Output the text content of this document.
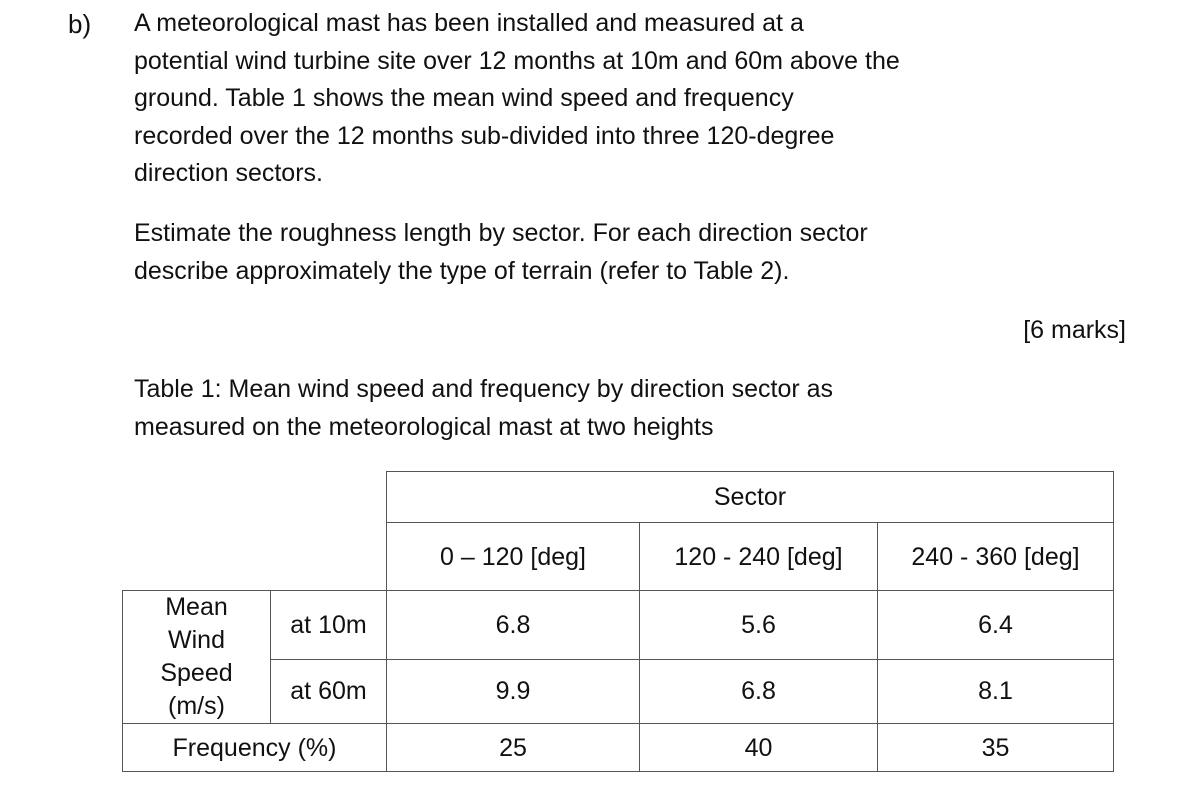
b) A meteorological mast has been installed and measured at a
potential wind turbine site over 12 months at 10m and 60m above the
ground. Table 1 shows the mean wind speed and frequency
recorded over the 12 months sub-divided into three 120-degree
direction sectors.
Estimate the roughness length by sector. For each direction sector
describe approximately the type of terrain (refer to Table 2).
[6 marks]
Table 1: Mean wind speed and frequency by direction sector as
measured on the meteorological mast at two heights
		Sector		
		0 – 120 [deg]	120 - 240 [deg]	240 - 360 [deg]

Mean
Wind
Speed
(m/s)	at 10m	6.8	5.6	6.4
	at 60m	9.9	6.8	8.1
Frequency (%)		25	40	35
